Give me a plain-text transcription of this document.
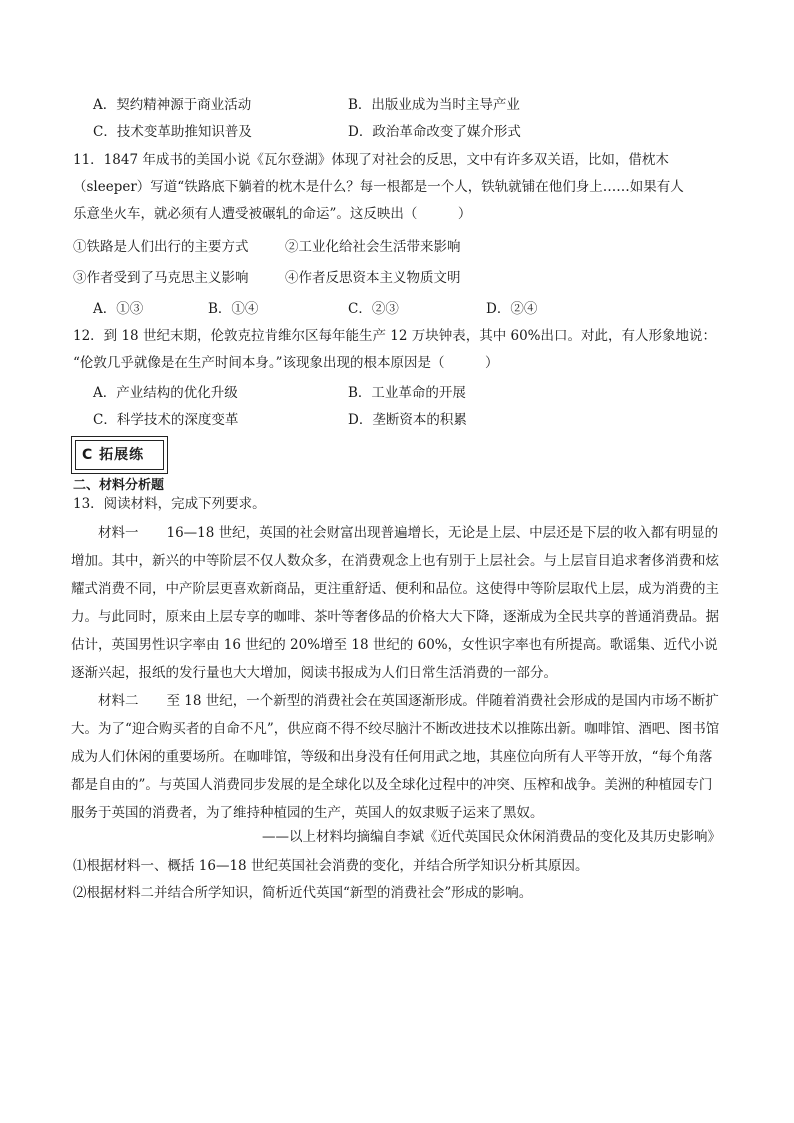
A．契约精神源于商业活动	B．出版业成为当时主导产业
C．技术变革助推知识普及	D．政治革命改变了媒介形式
11．1847 年成书的美国小说《瓦尔登湖》体现了对社会的反思，文中有许多双关语，比如，借枕木
（sleeper）写道“铁路底下躺着的枕木是什么？每一根都是一个人，铁轨就铺在他们身上……如果有人
乐意坐火车，就必须有人遭受被碾轧的命运”。这反映出（　　　）
①铁路是人们出行的主要方式	②工业化给社会生活带来影响
③作者受到了马克思主义影响	④作者反思资本主义物质文明
A．①③	B．①④	C．②③	D．②④
12．到 18 世纪末期，伦敦克拉肯维尔区每年能生产 12 万块钟表，其中 60%出口。对此，有人形象地说：
“伦敦几乎就像是在生产时间本身。”该现象出现的根本原因是（　　　）
A．产业结构的优化升级	B．工业革命的开展
C．科学技术的深度变革	D．垄断资本的积累
C 拓展练
二、材料分析题
13．阅读材料，完成下列要求。
材料一 16—18 世纪，英国的社会财富出现普遍增长，无论是上层、中层还是下层的收入都有明显的增加。其中，新兴的中等阶层不仅人数众多，在消费观念上也有别于上层社会。与上层盲目追求奢侈消费和炫耀式消费不同，中产阶层更喜欢新商品，更注重舒适、便利和品位。这使得中等阶层取代上层，成为消费的主力。与此同时，原来由上层专享的咖啡、茶叶等奢侈品的价格大大下降，逐渐成为全民共享的普通消费品。据估计，英国男性识字率由 16 世纪的 20%增至 18 世纪的 60%，女性识字率也有所提高。歌谣集、近代小说逐渐兴起，报纸的发行量也大大增加，阅读书报成为人们日常生活消费的一部分。
材料二 至 18 世纪，一个新型的消费社会在英国逐渐形成。伴随着消费社会形成的是国内市场不断扩大。为了“迎合购买者的自命不凡”，供应商不得不绞尽脑汁不断改进技术以推陈出新。咖啡馆、酒吧、图书馆成为人们休闲的重要场所。在咖啡馆，等级和出身没有任何用武之地，其座位向所有人平等开放，“每个角落都是自由的”。与英国人消费同步发展的是全球化以及全球化过程中的冲突、压榨和战争。美洲的种植园专门服务于英国的消费者，为了维持种植园的生产，英国人的奴隶贩子运来了黑奴。
——以上材料均摘编自李斌《近代英国民众休闲消费品的变化及其历史影响》
⑴根据材料一、概括 16—18 世纪英国社会消费的变化，并结合所学知识分析其原因。
⑵根据材料二并结合所学知识，简析近代英国“新型的消费社会”形成的影响。
